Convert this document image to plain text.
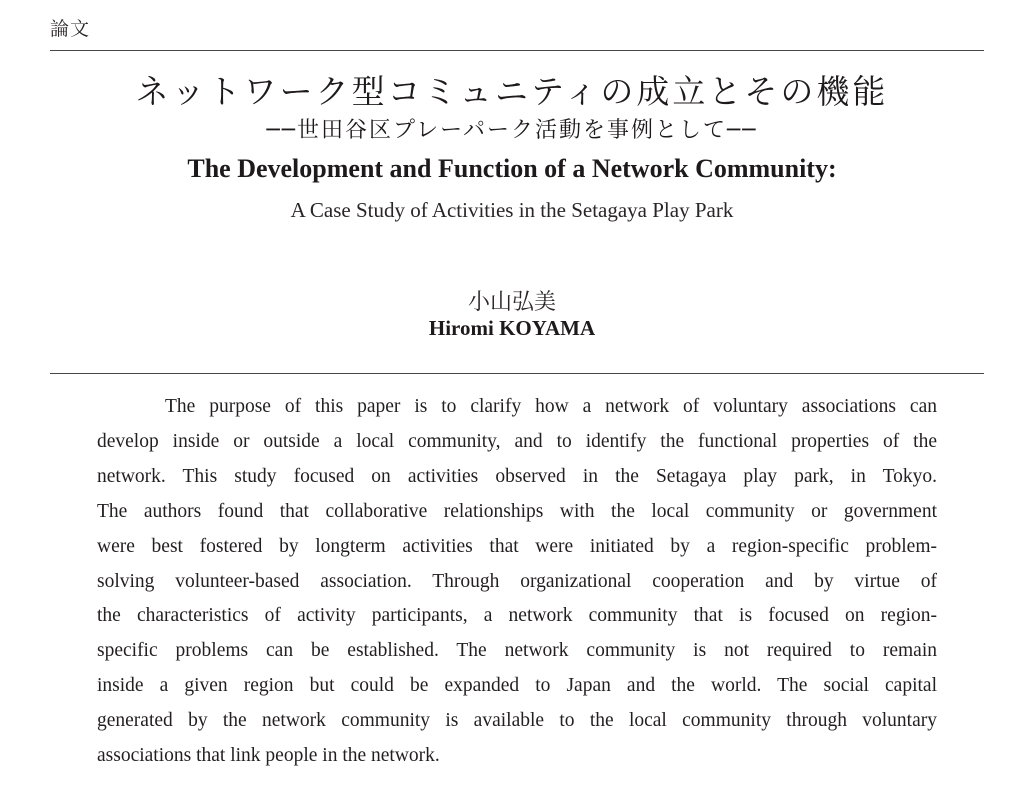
論文
ネットワーク型コミュニティの成立とその機能
──世田谷区プレーパーク活動を事例として──
The Development and Function of a Network Community:
A Case Study of Activities in the Setagaya Play Park
小山弘美
Hiromi KOYAMA
The purpose of this paper is to clarify how a network of voluntary associations can
develop inside or outside a local community, and to identify the functional properties of the
network. This study focused on activities observed in the Setagaya play park, in Tokyo.
The authors found that collaborative relationships with the local community or government
were best fostered by longterm activities that were initiated by a region-specific problem-
solving volunteer-based association. Through organizational cooperation and by virtue of
the characteristics of activity participants, a network community that is focused on region-
specific problems can be established. The network community is not required to remain
inside a given region but could be expanded to Japan and the world. The social capital
generated by the network community is available to the local community through voluntary
associations that link people in the network.
